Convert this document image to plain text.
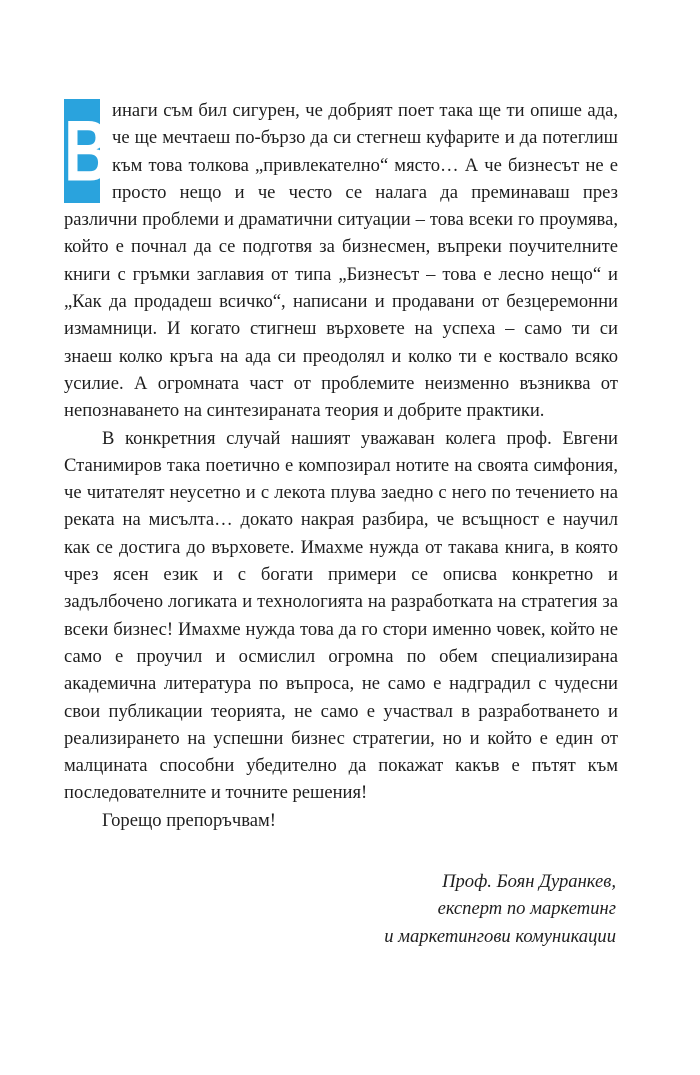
В инаги съм бил сигурен, че добрият поет така ще ти опише ада, че ще мечтаеш по-бързо да си стегнеш куфарите и да потеглиш към това толкова „привлекателно“ място… А че бизнесът не е просто нещо и че често се налага да преминаваш през различни проблеми и драматични ситуации – това всеки го проумява, който е почнал да се подготвя за бизнесмен, въпреки поучителните книги с гръмки заглавия от типа „Бизнесът – това е лесно нещо“ и „Как да продадеш всичко“, написани и продавани от безцеремонни измамници. И когато стигнеш върховете на успеха – само ти си знаеш колко кръга на ада си преодолял и колко ти е коствало всяко усилие. А огромната част от проблемите неизменно възниква от непознаването на синтезираната теория и добрите практики.

В конкретния случай нашият уважаван колега проф. Евгени Станимиров така поетично е композирал нотите на своята симфония, че читателят неусетно и с лекота плува заедно с него по течението на реката на мисълта… докато накрая разбира, че всъщност е научил как се достига до върховете. Имахме нужда от такава книга, в която чрез ясен език и с богати примери се описва конкретно и задълбочено логиката и технологията на разработката на стратегия за всеки бизнес! Имахме нужда това да го стори именно човек, който не само е проучил и осмислил огромна по обем специализирана академична литература по въпроса, не само е надградил с чудесни свои публикации теорията, не само е участвал в разработването и реализирането на успешни бизнес стратегии, но и който е един от малцината способни убедително да покажат какъв е пътят към последователните и точните решения!

Горещо препоръчвам!

Проф. Боян Дуранкев,
експерт по маркетинг
и маркетингови комуникации
